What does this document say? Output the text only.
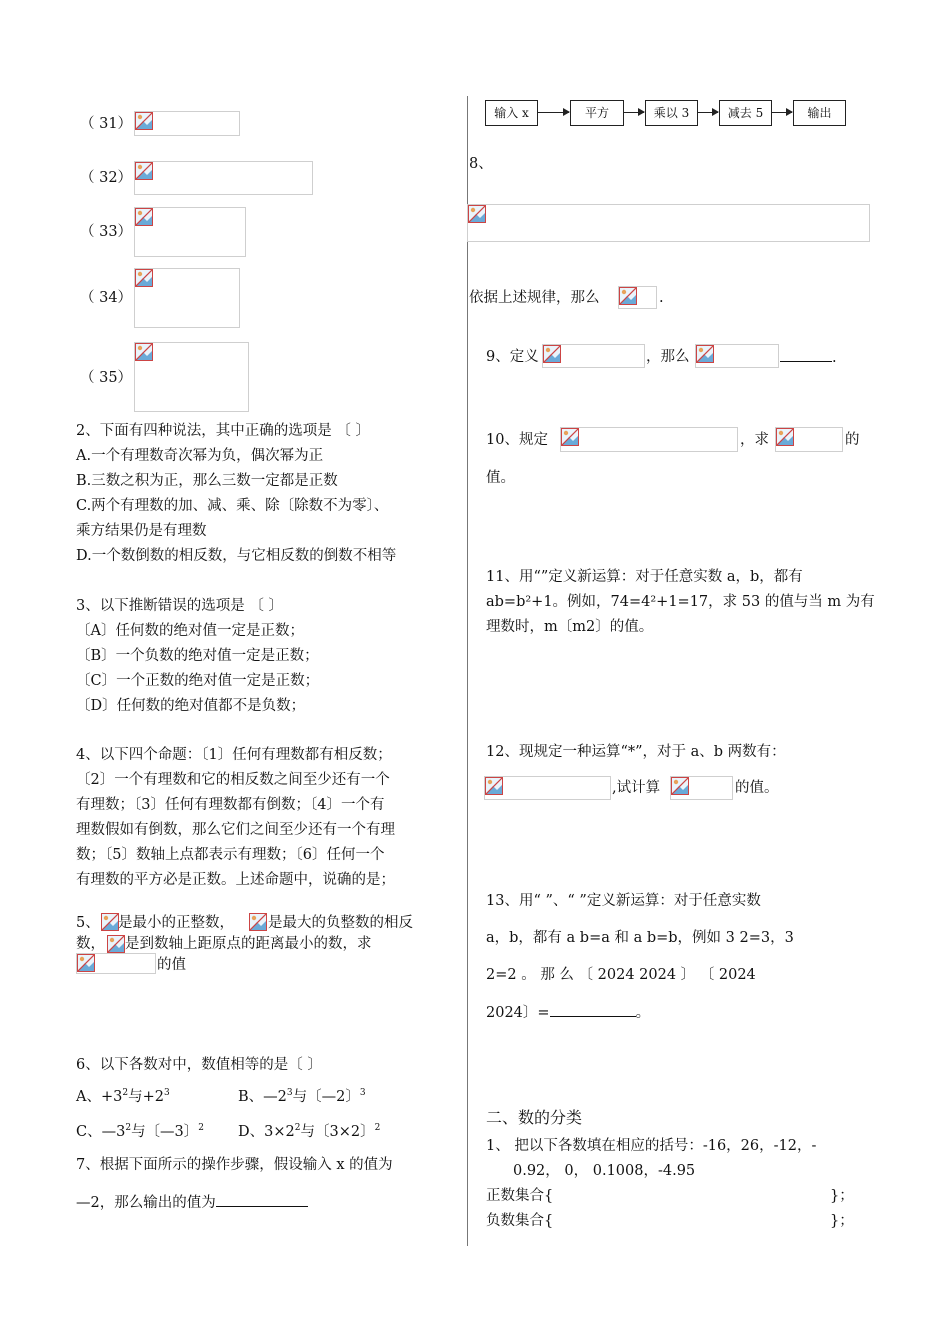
（ 31）
（ 32）
（ 33）
（ 34）
（ 35）
2、下面有四种说法，其中正确的选项是 〔 〕
A.一个有理数奇次幂为负，偶次幂为正
B.三数之积为正，那么三数一定都是正数
C.两个有理数的加、减、乘、除〔除数不为零〕、
乘方结果仍是有理数
D.一个数倒数的相反数，与它相反数的倒数不相等
3、以下推断错误的选项是 〔 〕
〔A〕任何数的绝对值一定是正数；
〔B〕一个负数的绝对值一定是正数；
〔C〕一个正数的绝对值一定是正数；
〔D〕任何数的绝对值都不是负数；
4、以下四个命题：〔1〕任何有理数都有相反数；
〔2〕一个有理数和它的相反数之间至少还有一个
有理数；〔3〕任何有理数都有倒数；〔4〕一个有
理数假如有倒数，那么它们之间至少还有一个有理
数；〔5〕数轴上点都表示有理数；〔6〕任何一个
有理数的平方必是正数。上述命题中，说确的是；
5、 是最小的正整数， 是最大的负整数的相反
数， 是到数轴上距原点的距离最小的数，求
的值
6、以下各数对中，数值相等的是〔 〕
A、$+3^2$与$+2^3$	B、$—2^3$与〔—2〕$^3$
C、$—3^2$与〔—3〕$^2$ D、$3\times 2^2$与〔3×2〕$^2$
7、根据下面所示的操作步骤，假设输入 x 的值为
—2，那么输出的值为
输入 x	平方	乘以 3	减去 5	输出
8、
依据上述规律，那么	.
9、定义	，那么	.
10、规定	，求	的
值。
11、用“”定义新运算：对于任意实数 a，b，都有
ab=b²+1。例如，74=4²+1=17，求 53 的值与当 m 为有
理数时，m〔m2〕的值。
12、现规定一种运算“*”，对于 a、b 两数有：
,试计算	的值。
13、用“ ”、“ ”定义新运算：对于任意实数
a，b，都有 a b=a 和 a b=b，例如 3 2=3，3
2=2 。 那 么 〔 2024 2024 〕 〔 2024
2024〕=	。
二、数的分类
1、 把以下各数填在相应的括号：-16，26，-12，-
0.92， 0， 0.1008，-4.95
正数集合{	}；
负数集合{	}；
